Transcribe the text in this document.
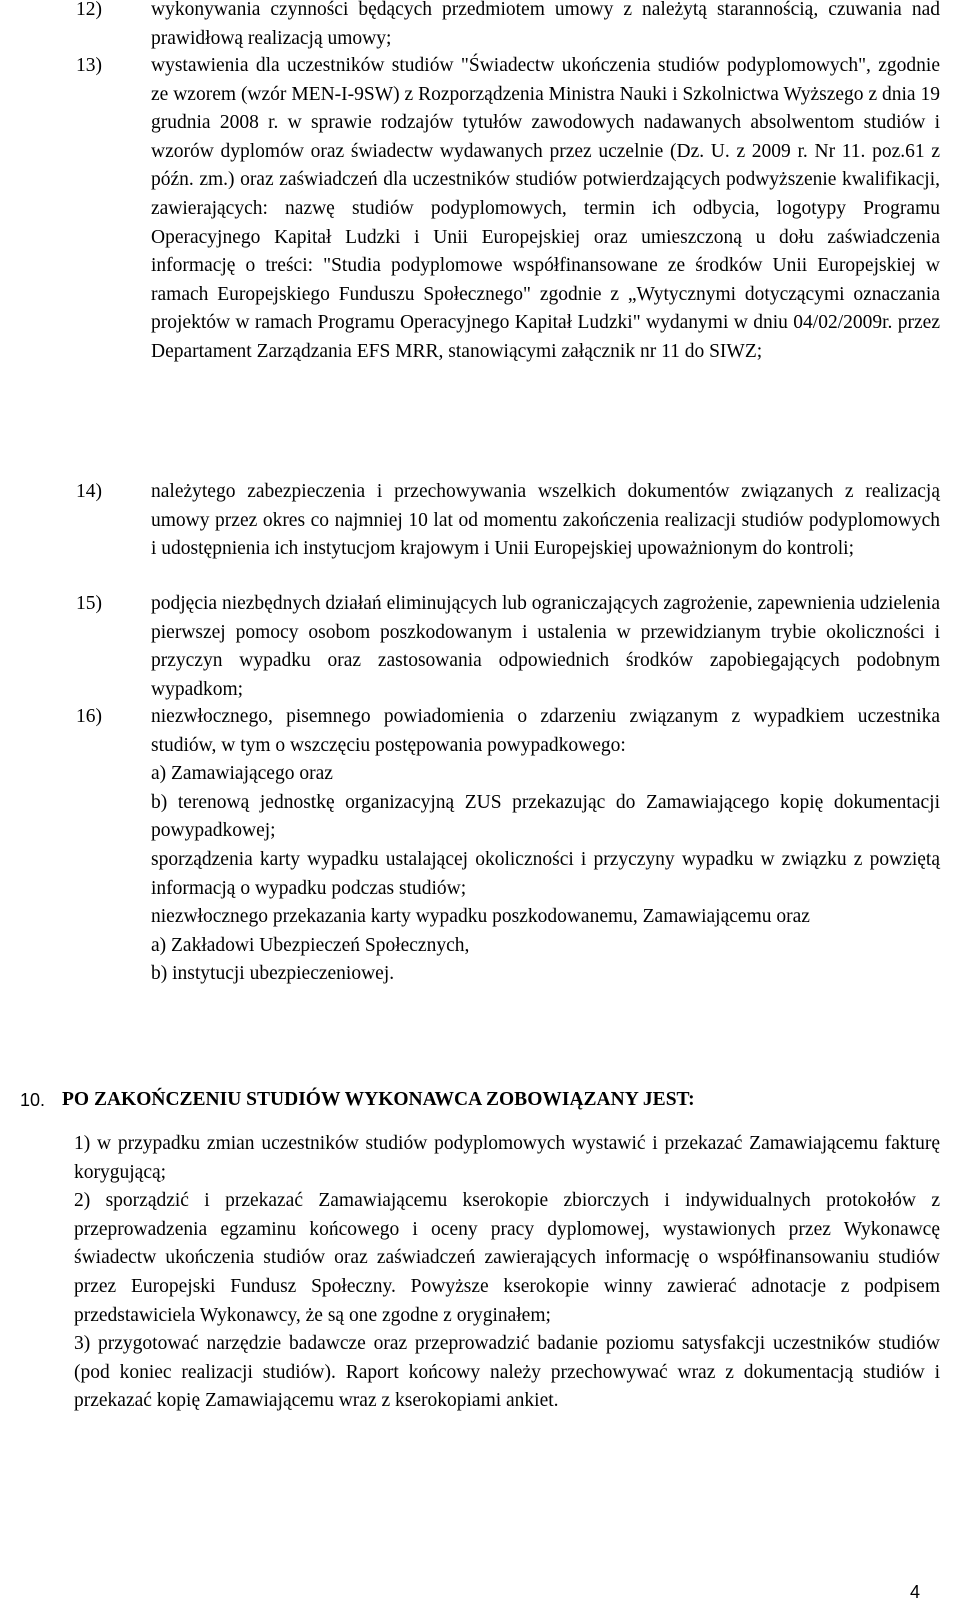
12)	wykonywania czynności będących przedmiotem umowy z należytą starannością, czuwania nad prawidłową realizacją umowy;

13)	wystawienia dla uczestników studiów "Świadectw ukończenia studiów podyplomowych", zgodnie ze wzorem (wzór MEN-I-9SW) z Rozporządzenia Ministra Nauki i Szkolnictwa Wyższego z dnia 19 grudnia 2008 r. w sprawie rodzajów tytułów zawodowych nadawanych absolwentom studiów i wzorów dyplomów oraz świadectw wydawanych przez uczelnie (Dz. U. z 2009 r. Nr 11. poz.61 z późn. zm.) oraz zaświadczeń dla uczestników studiów potwierdzających podwyższenie kwalifikacji, zawierających: nazwę studiów podyplomowych, termin ich odbycia, logotypy Programu Operacyjnego Kapitał Ludzki i Unii Europejskiej oraz umieszczoną u dołu zaświadczenia informację o treści: "Studia podyplomowe współfinansowane ze środków Unii Europejskiej w ramach Europejskiego Funduszu Społecznego" zgodnie z „Wytycznymi dotyczącymi oznaczania projektów w ramach Programu Operacyjnego Kapitał Ludzki" wydanymi w dniu 04/02/2009r. przez Departament Zarządzania EFS MRR, stanowiącymi załącznik nr 11 do SIWZ;

14)	należytego zabezpieczenia i przechowywania wszelkich dokumentów związanych z realizacją umowy przez okres co najmniej 10 lat od momentu zakończenia realizacji studiów podyplomowych i udostępnienia ich instytucjom krajowym i Unii Europejskiej upoważnionym do kontroli;

15)	podjęcia niezbędnych działań eliminujących lub ograniczających zagrożenie, zapewnienia udzielenia pierwszej pomocy osobom poszkodowanym i ustalenia w przewidzianym trybie okoliczności i przyczyn wypadku oraz zastosowania odpowiednich środków zapobiegających podobnym wypadkom;

16)	niezwłocznego, pisemnego powiadomienia o zdarzeniu związanym z wypadkiem uczestnika studiów, w tym o wszczęciu postępowania powypadkowego:

a) Zamawiającego oraz

b) terenową jednostkę organizacyjną ZUS przekazując do Zamawiającego kopię dokumentacji powypadkowej;

sporządzenia karty wypadku ustalającej okoliczności i przyczyny wypadku w związku z powziętą informacją o wypadku podczas studiów;

niezwłocznego przekazania karty wypadku poszkodowanemu, Zamawiającemu oraz

a) Zakładowi Ubezpieczeń Społecznych,

b) instytucji ubezpieczeniowej.

10. PO ZAKOŃCZENIU STUDIÓW WYKONAWCA ZOBOWIĄZANY JEST:

1) w przypadku zmian uczestników studiów podyplomowych wystawić i przekazać Zamawiającemu fakturę korygującą;

2) sporządzić i przekazać Zamawiającemu kserokopie zbiorczych i indywidualnych protokołów z przeprowadzenia egzaminu końcowego i oceny pracy dyplomowej, wystawionych przez Wykonawcę świadectw ukończenia studiów oraz zaświadczeń zawierających informację o współfinansowaniu studiów przez Europejski Fundusz Społeczny. Powyższe kserokopie winny zawierać adnotacje z podpisem przedstawiciela Wykonawcy, że są one zgodne z oryginałem;

3) przygotować narzędzie badawcze oraz przeprowadzić badanie poziomu satysfakcji uczestników studiów (pod koniec realizacji studiów). Raport końcowy należy przechowywać wraz z dokumentacją studiów i przekazać kopię Zamawiającemu wraz z kserokopiami ankiet.

4
